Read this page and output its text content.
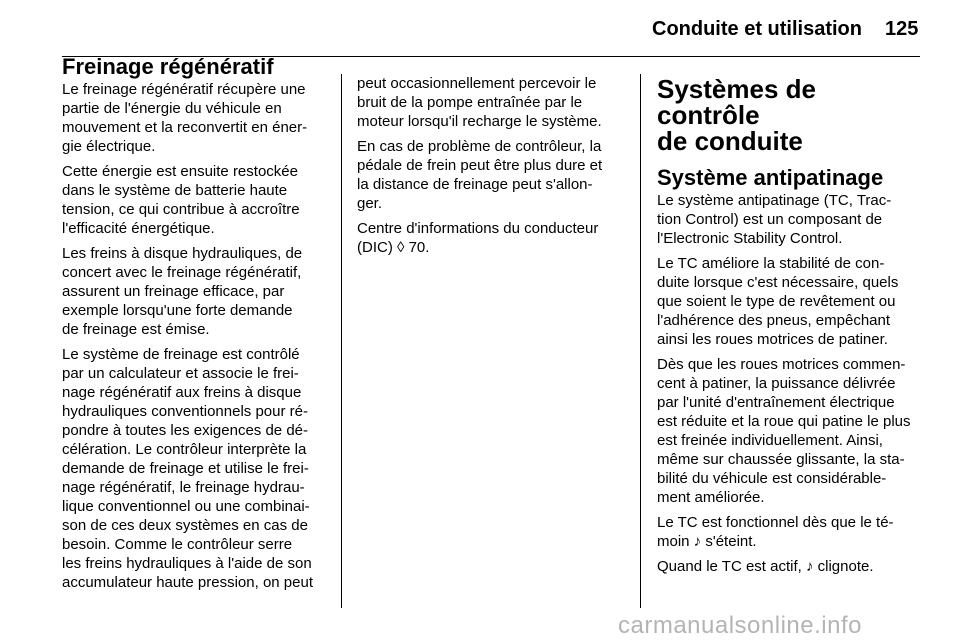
Conduite et utilisation 125
Freinage régénératif
Le freinage régénératif récupère une
partie de l'énergie du véhicule en
mouvement et la reconvertit en éner-
gie électrique.
Cette énergie est ensuite restockée
dans le système de batterie haute
tension, ce qui contribue à accroître
l'efficacité énergétique.
Les freins à disque hydrauliques, de
concert avec le freinage régénératif,
assurent un freinage efficace, par
exemple lorsqu'une forte demande
de freinage est émise.
Le système de freinage est contrôlé
par un calculateur et associe le frei-
nage régénératif aux freins à disque
hydrauliques conventionnels pour ré-
pondre à toutes les exigences de dé-
célération. Le contrôleur interprète la
demande de freinage et utilise le frei-
nage régénératif, le freinage hydrau-
lique conventionnel ou une combinai-
son de ces deux systèmes en cas de
besoin. Comme le contrôleur serre
les freins hydrauliques à l'aide de son
accumulateur haute pression, on peut
peut occasionnellement percevoir le
bruit de la pompe entraînée par le
moteur lorsqu'il recharge le système.
En cas de problème de contrôleur, la
pédale de frein peut être plus dure et
la distance de freinage peut s'allon-
ger.
Centre d'informations du conducteur
(DIC) ◊ 70.
Systèmes de contrôle
de conduite
Système antipatinage
Le système antipatinage (TC, Trac-
tion Control) est un composant de
l'Electronic Stability Control.
Le TC améliore la stabilité de con-
duite lorsque c'est nécessaire, quels
que soient le type de revêtement ou
l'adhérence des pneus, empêchant
ainsi les roues motrices de patiner.
Dès que les roues motrices commen-
cent à patiner, la puissance délivrée
par l'unité d'entraînement électrique
est réduite et la roue qui patine le plus
est freinée individuellement. Ainsi,
même sur chaussée glissante, la sta-
bilité du véhicule est considérable-
ment améliorée.
Le TC est fonctionnel dès que le té-
moin ♪ s'éteint.
Quand le TC est actif, ♪ clignote.
carmanualsonline.info
